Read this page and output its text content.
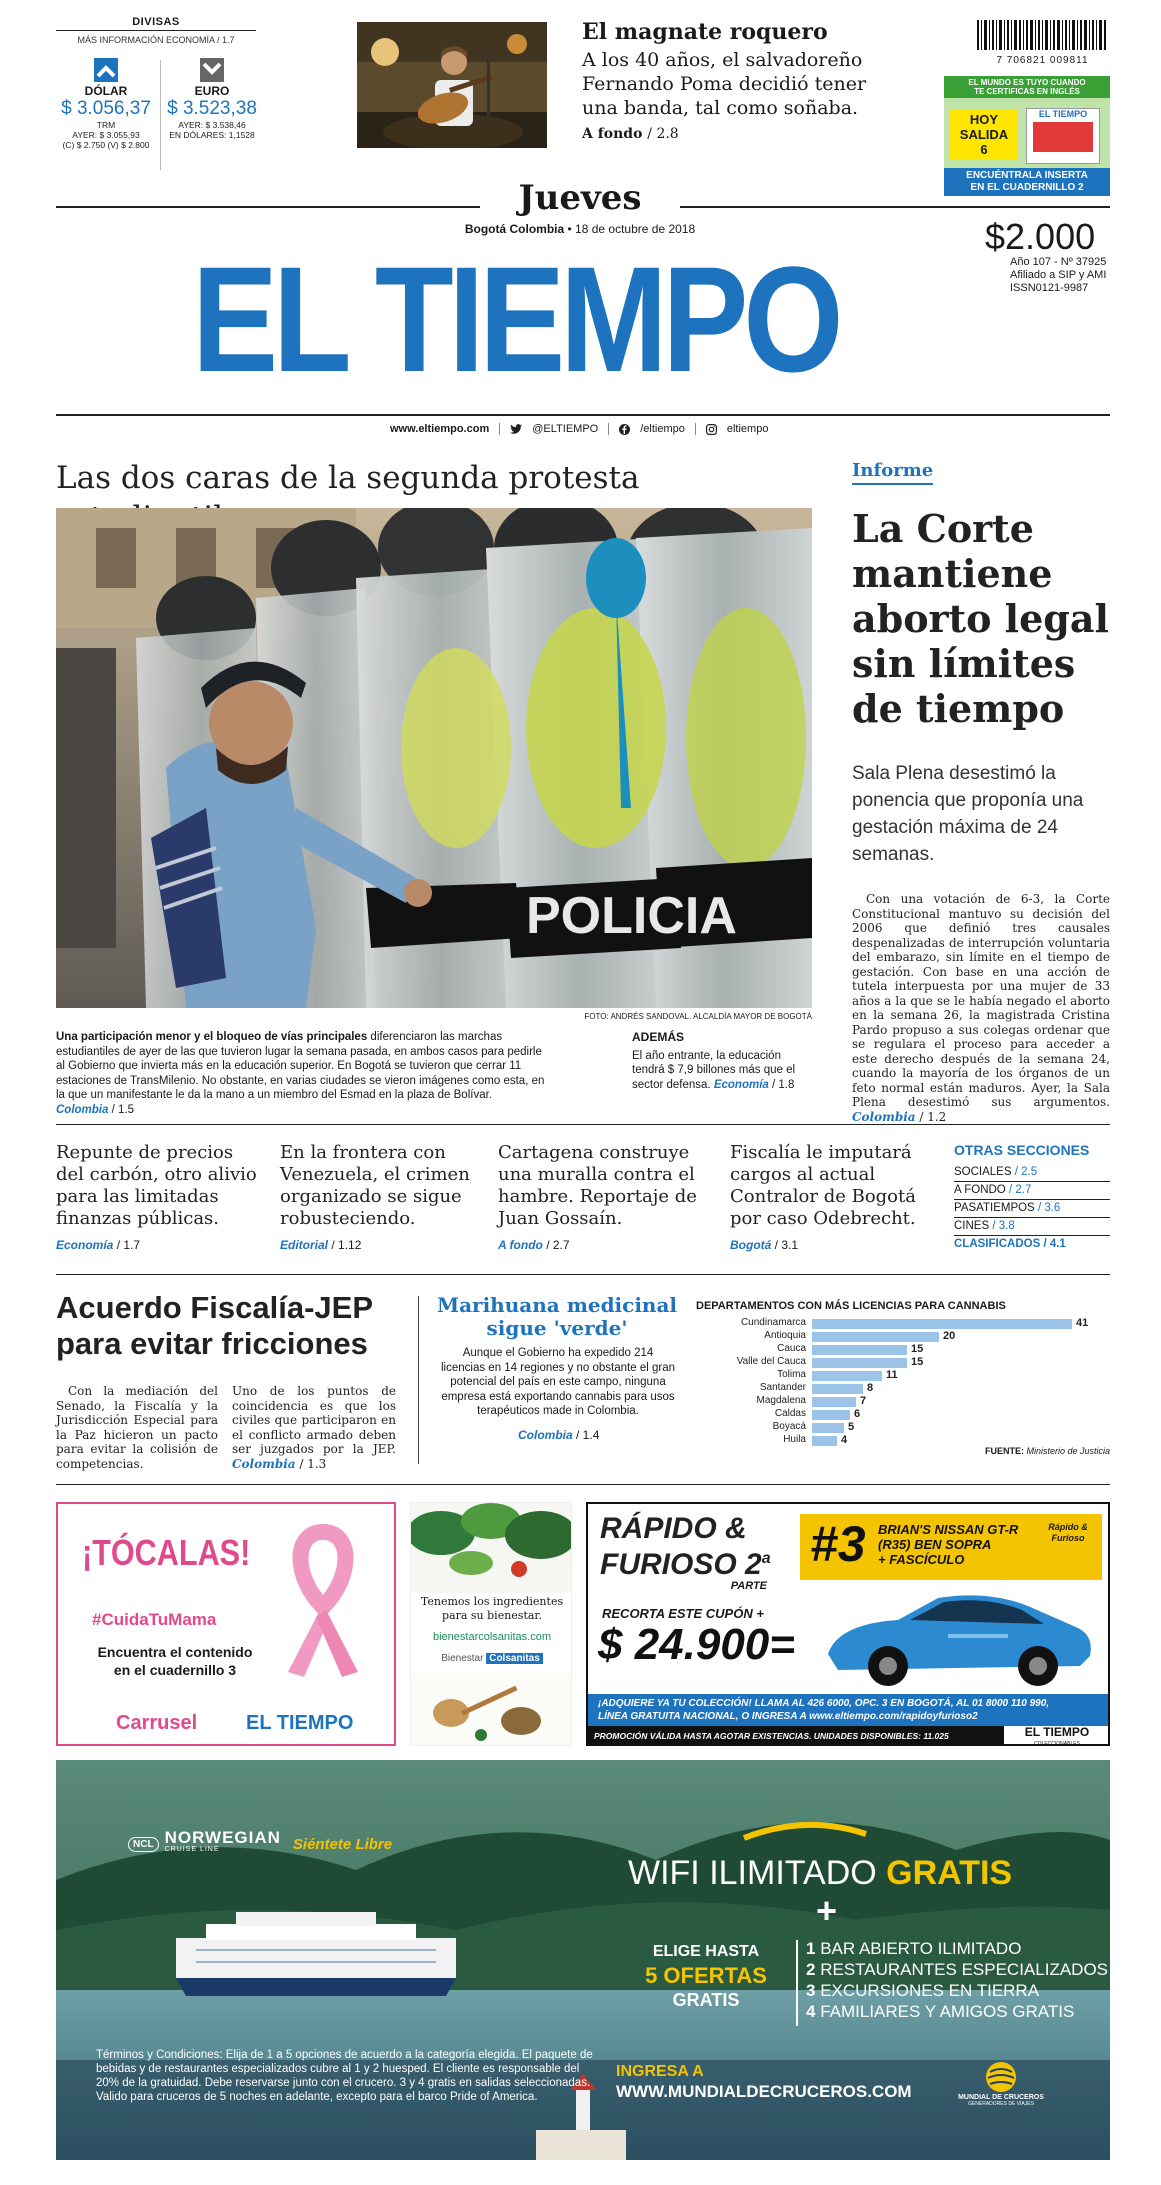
DIVISAS
MÁS INFORMACIÓN ECONOMÍA / 1.7
DÓLAR
$ 3.056,37
TRM
AYER: $ 3.055,93
(C) $ 2.750 (V) $ 2.800
EURO
$ 3.523,38
AYER: $ 3.538,46
EN DÓLARES: 1,1528
El magnate roquero
A los 40 años, el salvadoreño Fernando Poma decidió tener una banda, tal como soñaba.
A fondo / 2.8
7 706821 009811
EL MUNDO ES TUYO CUANDO
TE CERTIFICAS EN INGLÉS
HOY
SALIDA
6
EL TIEMPO
ENCUÉNTRALA INSERTA
EN EL CUADERNILLO 2
Jueves
Bogotá Colombia • 18 de octubre de 2018
EL TIEMPO	$2.000
Año 107 - Nº 37925
Afiliado a SIP y AMI
ISSN0121-9987
www.eltiempo.com	@ELTIEMPO	/eltiempo	eltiempo
Las dos caras de la segunda protesta
POLICIA
FOTO: ANDRÉS SANDOVAL. ALCALDÍA MAYOR DE BOGOTÁ
Una participación menor y el bloqueo de vías principales diferenciaron las marchas estudiantiles de ayer de las que tuvieron lugar la semana pasada, en ambos casos para pedirle al Gobierno que invierta más en la educación superior. En Bogotá se tuvieron que cerrar 11 estaciones de TransMilenio. No obstante, en varias ciudades se vieron imágenes como esta, en la que un manifestante le da la mano a un miembro del Esmad en la plaza de Bolívar. Colombia / 1.5
ADEMÁS
El año entrante, la educación tendrá $ 7,9 billones más que el sector defensa. Economía / 1.8
Informe
La Corte mantiene aborto legal sin límites de tiempo
Sala Plena desestimó la ponencia que proponía una gestación máxima de 24 semanas.
Con una votación de 6-3, la Corte Constitucional mantuvo su decisión del 2006 que definió tres causales despenalizadas de interrupción voluntaria del embarazo, sin límite en el tiempo de gestación. Con base en una acción de tutela interpuesta por una mujer de 33 años a la que se le había negado el aborto en la semana 26, la magistrada Cristina Pardo propuso a sus colegas ordenar que se regulara el proceso para acceder a este derecho después de la semana 24, cuando la mayoría de los órganos de un feto normal están maduros. Ayer, la Sala Plena desestimó sus argumentos. Colombia / 1.2
Repunte de precios del carbón, otro alivio para las limitadas finanzas públicas.
Economía / 1.7
En la frontera con Venezuela, el crimen organizado se sigue robusteciendo.
Editorial / 1.12
Cartagena construye una muralla contra el hambre. Reportaje de Juan Gossaín.
A fondo / 2.7
Fiscalía le imputará cargos al actual Contralor de Bogotá por caso Odebrecht.
Bogotá / 3.1
OTRAS SECCIONES
SOCIALES / 2.5
A FONDO / 2.7
PASATIEMPOS / 3.6
CINES / 3.8
CLASIFICADOS / 4.1
Acuerdo Fiscalía-JEP para evitar fricciones
Con la mediación del Senado, la Fiscalía y la Jurisdicción Especial para la Paz hicieron un pacto para evitar la colisión de competencias.
Uno de los puntos de coincidencia es que los civiles que participaron en el conflicto armado deben ser juzgados por la JEP. Colombia / 1.3
Marihuana medicinal sigue 'verde'
Aunque el Gobierno ha expedido 214 licencias en 14 regiones y no obstante el gran potencial del país en este campo, ninguna empresa está exportando cannabis para usos terapéuticos made in Colombia.
Colombia / 1.4
DEPARTAMENTOS CON MÁS LICENCIAS PARA CANNABIS
Cundinamarca	41
Antioquia	20
Cauca	15
Valle del Cauca	15
Tolima	11
Santander	8
Magdalena	7
Caldas	6
Boyacá	5
Huila	4
FUENTE: Ministerio de Justicia
¡TÓCALAS!
#CuidaTuMama
Encuentra el contenido
en el cuadernillo 3
Carrusel EL TIEMPO
Tenemos los ingredientes
para su bienestar.
bienestarcolsanitas.com
Bienestar Colsanitas
RÁPIDO &
FURIOSO 2$^a$
PARTE
#3 BRIAN'S NISSAN GT-R
(R35) BEN SOPRA
+ FASCÍCULO
Rápido & Furioso
RECORTA ESTE CUPÓN +
$ 24.900=
¡ADQUIERE YA TU COLECCIÓN! LLAMA AL 426 6000, OPC. 3 EN BOGOTÁ, AL 01 8000 110 990,
LÍNEA GRATUITA NACIONAL, O INGRESA A www.eltiempo.com/rapidoyfurioso2
PROMOCIÓN VÁLIDA HASTA AGOTAR EXISTENCIAS. UNIDADES DISPONIBLES: 11.025	EL TIEMPO
COLECCIONABLES
NCL NORWEGIAN
CRUISE LINE	Siéntete Libre
WIFI ILIMITADO GRATIS
+
ELIGE HASTA
5 OFERTAS
GRATIS
1 BAR ABIERTO ILIMITADO
2 RESTAURANTES ESPECIALIZADOS
3 EXCURSIONES EN TIERRA
4 FAMILIARES Y AMIGOS GRATIS
Términos y Condiciones: Elija de 1 a 5 opciones de acuerdo a la categoría elegida. El paquete de bebidas y de restaurantes especializados cubre al 1 y 2 huesped. El cliente es responsable del 20% de la gratuidad. Debe reservarse junto con el crucero. 3 y 4 gratis en salidas seleccionadas. Valido para cruceros de 5 noches en adelante, excepto para el barco Pride of America.
INGRESA A
WWW.MUNDIALDECRUCEROS.COM	MUNDIAL DE CRUCEROS
GENERADORES DE VIAJES
